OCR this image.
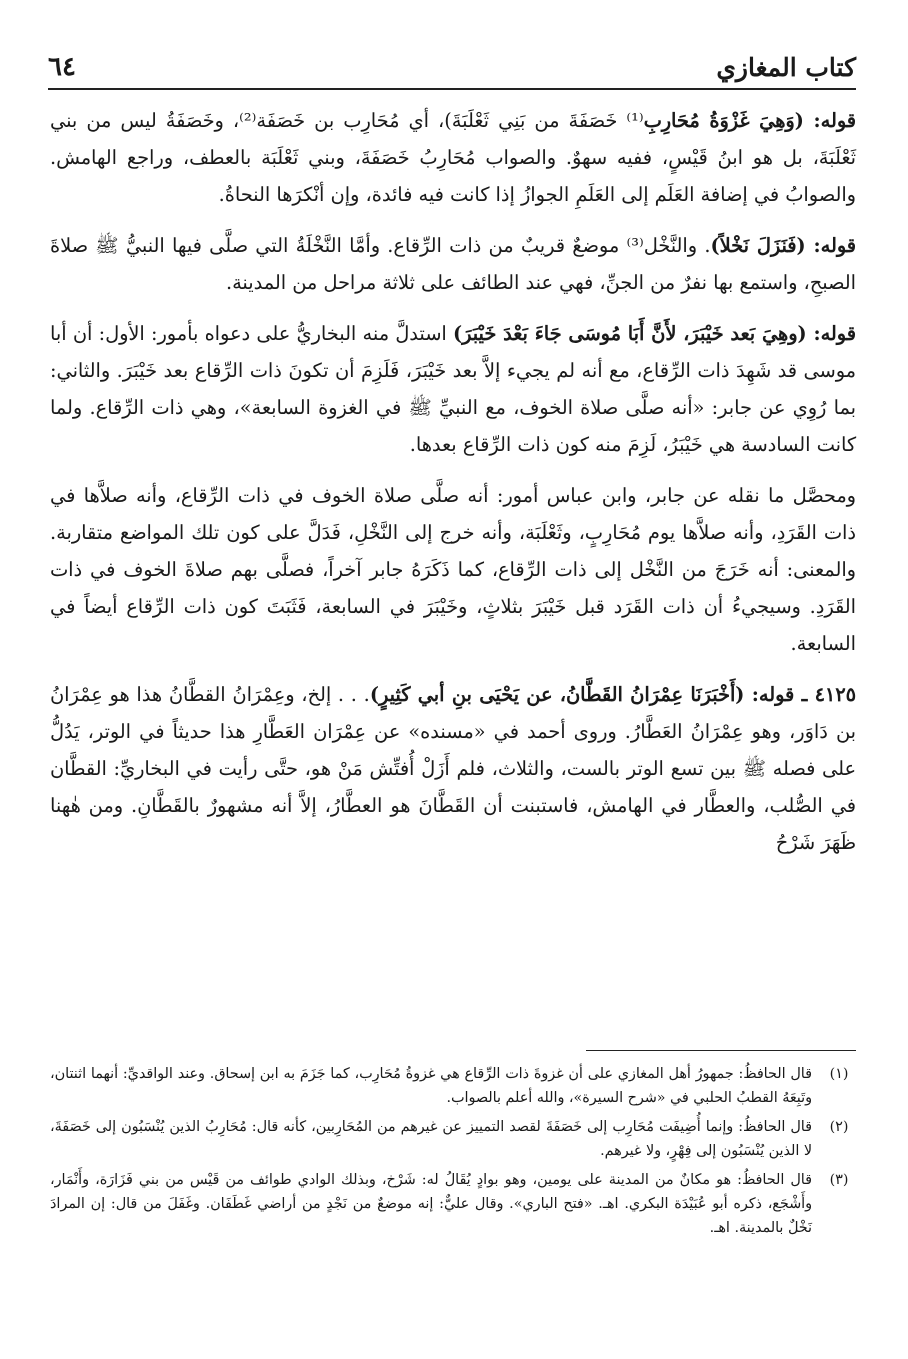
كتاب المغازي
٦٤

قوله: (وَهِيَ غَزْوَةُ مُحَارِبِ⁽¹⁾ خَصَفَةَ من بَنِي ثَعْلَبَةَ)، أي مُحَارِب بن خَصَفَة⁽²⁾، وخَصَفَةُ ليس من بني ثَعْلَبَةَ، بل هو ابنُ قَيْسٍ، ففيه سهوٌ. والصواب مُحَارِبُ خَصَفَةَ، وبني ثَعْلَبَة بالعطف، وراجع الهامش. والصوابُ في إضافة العَلَم إلى العَلَمِ الجوازُ إذا كانت فيه فائدة، وإن أنْكرَها النحاةُ.

قوله: (فَنَزَلَ نَخْلاً). والنَّخْل⁽³⁾ موضعٌ قريبٌ من ذات الرِّقاع. وأمَّا النَّخْلَةُ التي صلَّى فيها النبيُّ ﷺ صلاةَ الصبحِ، واستمع بها نفرٌ من الجنِّ، فهي عند الطائف على ثلاثة مراحل من المدينة.

قوله: (وهِيَ بَعد خَيْبَرَ، لأَنَّ أَبَا مُوسَى جَاءَ بَعْدَ خَيْبَرَ) استدلَّ منه البخاريُّ على دعواه بأمور: الأول: أن أبا موسى قد شَهِدَ ذات الرِّقاع، مع أنه لم يجيء إلاَّ بعد خَيْبَرَ، فَلَزِمَ أن تكونَ ذات الرِّقاع بعد خَيْبَرَ. والثاني: بما رُوِي عن جابر: «أنه صلَّى صلاة الخوف، مع النبيِّ ﷺ في الغزوة السابعة»، وهي ذات الرِّقاع. ولما كانت السادسة هي خَيْبَرُ، لَزِمَ منه كون ذات الرِّقاع بعدها.

ومحصَّل ما نقله عن جابر، وابن عباس أمور: أنه صلَّى صلاة الخوف في ذات الرِّقاع، وأنه صلاَّها في ذات القَرَدِ، وأنه صلاَّها يوم مُحَارِبٍ، وثَعْلَبَة، وأنه خرج إلى النَّخْلِ، فَدَلَّ على كون تلك المواضع متقاربة. والمعنى: أنه خَرَجَ من النَّخْل إلى ذات الرِّقاع، كما ذَكَرَهُ جابر آخراً، فصلَّى بهم صلاةَ الخوف في ذات القَرَدِ. وسيجيءُ أن ذات القَرَد قبل خَيْبَرَ بثلاثٍ، وخَيْبَرَ في السابعة، فَثَبَتَ كون ذات الرِّقاع أيضاً في السابعة.

٤١٢٥ ـ قوله: (أَخْبَرَنَا عِمْرَانُ القَطَّانُ، عن يَحْيَى بنِ أبي كَثِيرٍ). . . إلخ، وعِمْرَانُ القطَّانُ هذا هو عِمْرَانُ بن دَاوَر، وهو عِمْرَانُ العَطَّارُ. وروى أحمد في «مسنده» عن عِمْرَان العَطَّارِ هذا حديثاً في الوتر، يَدُلُّ على فصله ﷺ بين تسع الوتر بالست، والثلاث، فلم أَزَلْ أُفتِّش مَنْ هو، حتَّى رأيت في البخاريِّ: القطَّان في الصُّلب، والعطَّار في الهامش، فاستبنت أن القَطَّانَ هو العطَّارُ، إلاَّ أنه مشهورٌ بالقَطَّانِ. ومن هٰهنا ظَهَرَ شَرْحُ

(١)
قال الحافظُ: جمهورُ أهل المغازي على أن غزوةَ ذات الرِّقاع هي غزوةُ مُحَارِب، كما جَزَمَ به ابن إسحاق. وعند الواقديِّ: أنهما اثنتان، وتَبِعَهُ القطبُ الحلبي في «شرح السيرة»، والله أعلم بالصواب.
(٢)
قال الحافظُ: وإنما أُضِيفَت مُحَارِب إلى خَصَفَةَ لقصد التمييز عن غيرهم من المُحَارِبين، كأنه قال: مُحَارِبُ الذين يُنْسَبُون إلى خَصَفَةَ، لا الذين يُنْسَبُون إلى فِهْرٍ، ولا غيرهم.
(٣)
قال الحافظُ: هو مكانٌ من المدينة على يومين، وهو بوادٍ يُقَالُ له: شَرْخ، وبذلك الوادي طوائف من قَيْس من بني فَزَارَة، وأَنْمَار، وأَشْجَع، ذكره أبو عُبَيْدَة البكري. اهـ. «فتح الباري». وقال عليٌّ: إنه موضعٌ من نَجْدٍ من أراضي غَطَفَان. وغَفَلَ من قال: إن المرادَ نَخْلٌ بالمدينة. اهـ.
